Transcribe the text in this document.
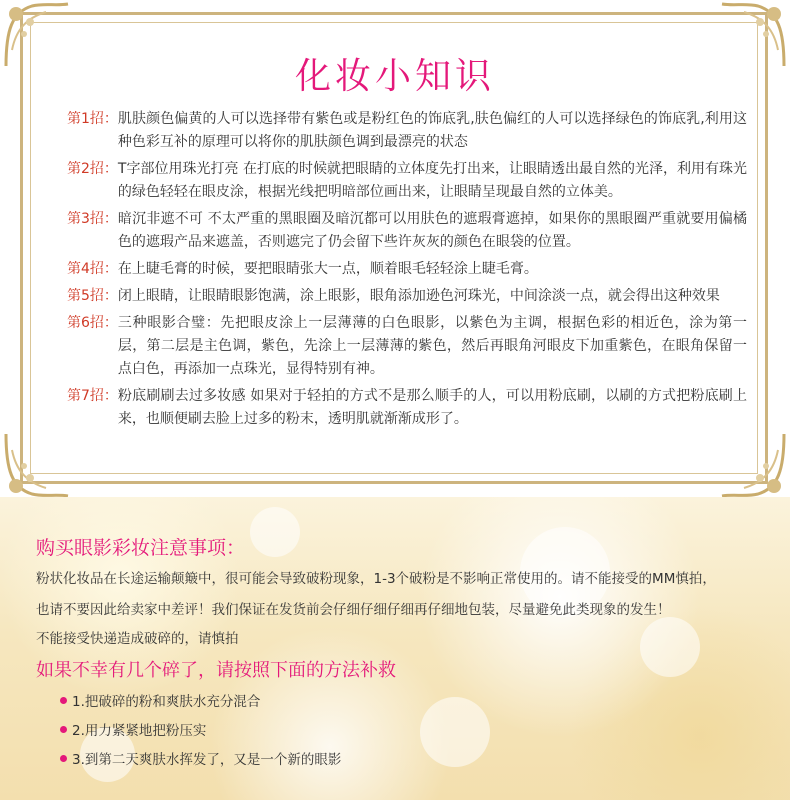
化妆小知识
第1招： 肌肤颜色偏黄的人可以选择带有紫色或是粉红色的饰底乳,肤色偏红的人可以选择绿色的饰底乳,利用这种色彩互补的原理可以将你的肌肤颜色调到最漂亮的状态
第2招： T字部位用珠光打亮 在打底的时候就把眼睛的立体度先打出来，让眼睛透出最自然的光泽，利用有珠光的绿色轻轻在眼皮涂，根据光线把明暗部位画出来，让眼睛呈现最自然的立体美。
第3招： 暗沉非遮不可 不太严重的黑眼圈及暗沉都可以用肤色的遮瑕膏遮掉，如果你的黑眼圈严重就要用偏橘色的遮瑕产品来遮盖，否则遮完了仍会留下些许灰灰的颜色在眼袋的位置。
第4招： 在上睫毛膏的时候，要把眼睛张大一点，顺着眼毛轻轻涂上睫毛膏。
第5招： 闭上眼睛，让眼睛眼影饱满，涂上眼影，眼角添加逊色河珠光，中间涂淡一点，就会得出这种效果
第6招： 三种眼影合璧：先把眼皮涂上一层薄薄的白色眼影，以紫色为主调，根据色彩的相近色，涂为第一层，第二层是主色调，紫色，先涂上一层薄薄的紫色，然后再眼角河眼皮下加重紫色，在眼角保留一点白色，再添加一点珠光，显得特别有神。
第7招： 粉底刷刷去过多妆感 如果对于轻拍的方式不是那么顺手的人，可以用粉底刷，以刷的方式把粉底刷上来，也顺便刷去脸上过多的粉末，透明肌就渐渐成形了。
购买眼影彩妆注意事项：
粉状化妆品在长途运输颠簸中，很可能会导致破粉现象，1-3个破粉是不影响正常使用的。请不能接受的MM慎拍，
也请不要因此给卖家中差评！我们保证在发货前会仔细仔细仔细再仔细地包装，尽量避免此类现象的发生！
不能接受快递造成破碎的，请慎拍
如果不幸有几个碎了，请按照下面的方法补救
1.把破碎的粉和爽肤水充分混合
2.用力紧紧地把粉压实
3.到第二天爽肤水挥发了，又是一个新的眼影
